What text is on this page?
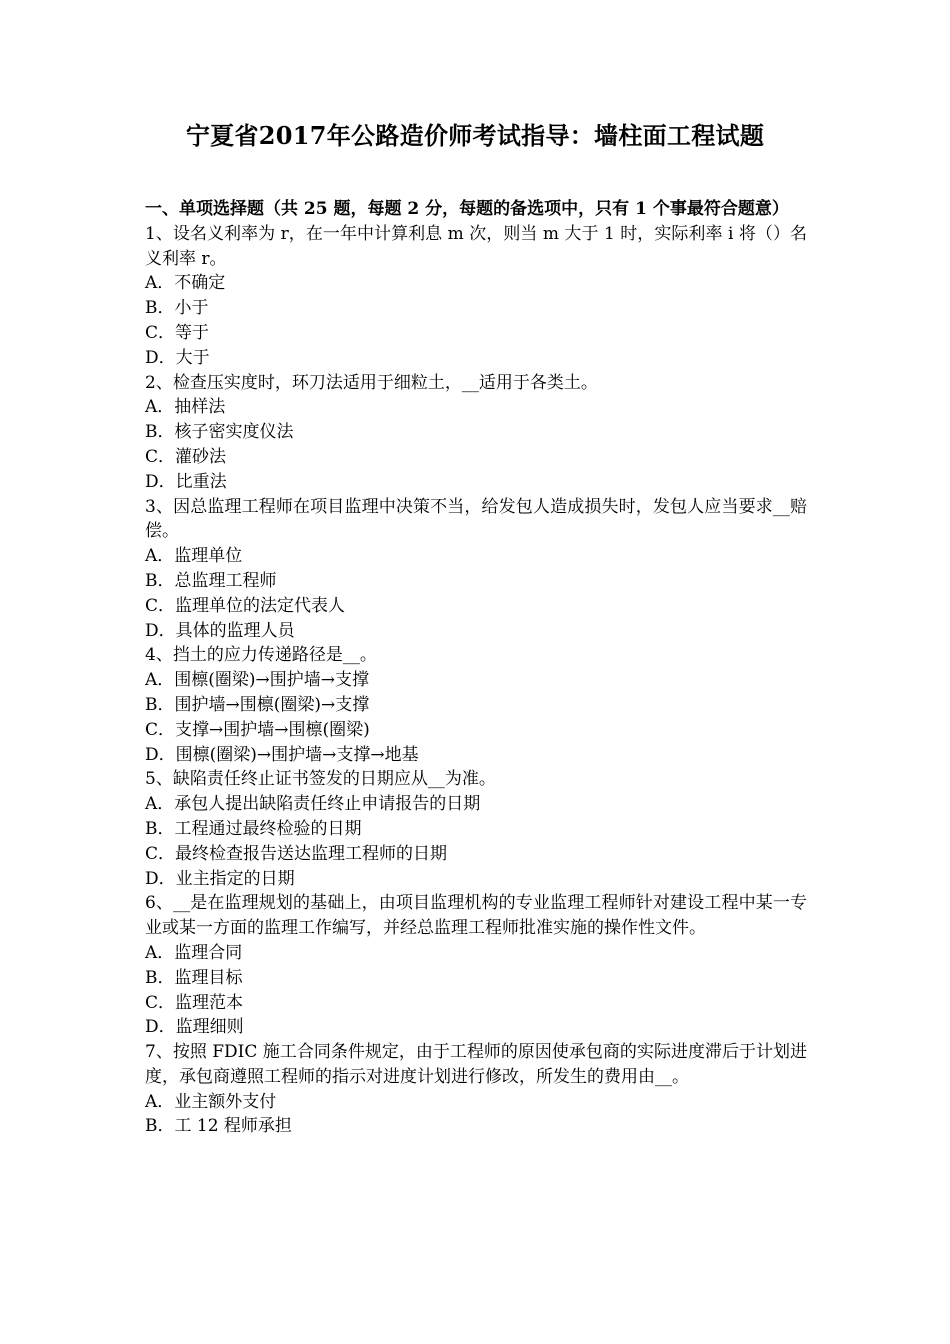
宁夏省2017年公路造价师考试指导：墙柱面工程试题
一、单项选择题（共 25 题，每题 2 分，每题的备选项中，只有 1 个事最符合题意）
1、设名义利率为 r，在一年中计算利息 m 次，则当 m 大于 1 时，实际利率 i 将（）名义利率 r。
A．不确定
B．小于
C．等于
D．大于
2、检查压实度时，环刀法适用于细粒土，__适用于各类土。
A．抽样法
B．核子密实度仪法
C．灌砂法
D．比重法
3、因总监理工程师在项目监理中决策不当，给发包人造成损失时，发包人应当要求__赔偿。
A．监理单位
B．总监理工程师
C．监理单位的法定代表人
D．具体的监理人员
4、挡土的应力传递路径是__。
A．围檩(圈梁)→围护墙→支撑
B．围护墙→围檩(圈梁)→支撑
C．支撑→围护墙→围檩(圈梁)
D．围檩(圈梁)→围护墙→支撑→地基
5、缺陷责任终止证书签发的日期应从__为准。
A．承包人提出缺陷责任终止申请报告的日期
B．工程通过最终检验的日期
C．最终检查报告送达监理工程师的日期
D．业主指定的日期
6、__是在监理规划的基础上，由项目监理机构的专业监理工程师针对建设工程中某一专业或某一方面的监理工作编写，并经总监理工程师批准实施的操作性文件。
A．监理合同
B．监理目标
C．监理范本
D．监理细则
7、按照 FDIC 施工合同条件规定，由于工程师的原因使承包商的实际进度滞后于计划进度，承包商遵照工程师的指示对进度计划进行修改，所发生的费用由__。
A．业主额外支付
B．工 12 程师承担
